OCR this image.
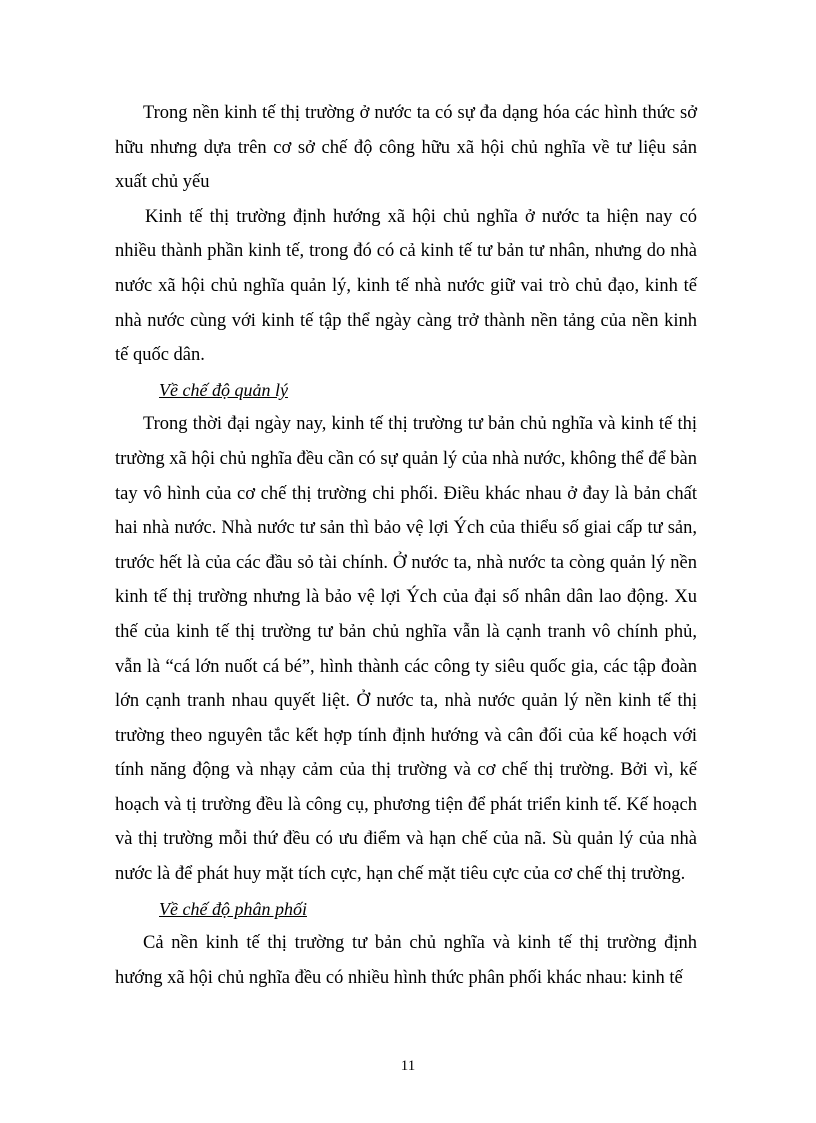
Trong nền kinh tế thị trường ở nước ta có sự đa dạng hóa các hình thức sở hữu nhưng dựa trên cơ sở chế độ công hữu xã hội chủ nghĩa về tư liệu sản xuất chủ yếu

Kinh tế thị trường định hướng xã hội chủ nghĩa ở nước ta hiện nay có nhiều thành phần kinh tế, trong đó có cả kinh tế tư bản tư nhân, nhưng do nhà nước xã hội chủ nghĩa quản lý, kinh tế nhà nước giữ vai trò chủ đạo, kinh tế nhà nước cùng với kinh tế tập thể ngày càng trở thành nền tảng của nền kinh tế quốc dân.

Về chế độ quản lý

Trong thời đại ngày nay, kinh tế thị trường tư bản chủ nghĩa và kinh tế thị trường xã hội chủ nghĩa đều cần có sự quản lý của nhà nước, không thể để bàn tay vô hình của cơ chế thị trường chi phối. Điều khác nhau ở đay là bản chất hai nhà nước. Nhà nước tư sản thì bảo vệ lợi Ých của thiểu số giai cấp tư sản, trước hết là của các đầu sỏ tài chính. Ở nước ta, nhà nước ta còng quản lý nền kinh tế thị trường nhưng là bảo vệ lợi Ých của đại số nhân dân lao động. Xu thế của kinh tế thị trường tư bản chủ nghĩa vẫn là cạnh tranh vô chính phủ, vẫn là “cá lớn nuốt cá bé”, hình thành các công ty siêu quốc gia, các tập đoàn lớn cạnh tranh nhau quyết liệt. Ở nước ta, nhà nước quản lý nền kinh tế thị trường theo nguyên tắc kết hợp tính định hướng và cân đối của kế hoạch với tính năng động và nhạy cảm của thị trường và cơ chế thị trường. Bởi vì, kế hoạch và tị trường đều là công cụ, phương tiện để phát triển kinh tế. Kế hoạch và thị trường mỗi thứ đều có ưu điểm và hạn chế của nã. Sù quản lý của nhà nước là để phát huy mặt tích cực, hạn chế mặt tiêu cực của cơ chế thị trường.

Về chế độ phân phối

Cả nền kinh tế thị trường tư bản chủ nghĩa và kinh tế thị trường định hướng xã hội chủ nghĩa đều có nhiều hình thức phân phối khác nhau: kinh tế

11
